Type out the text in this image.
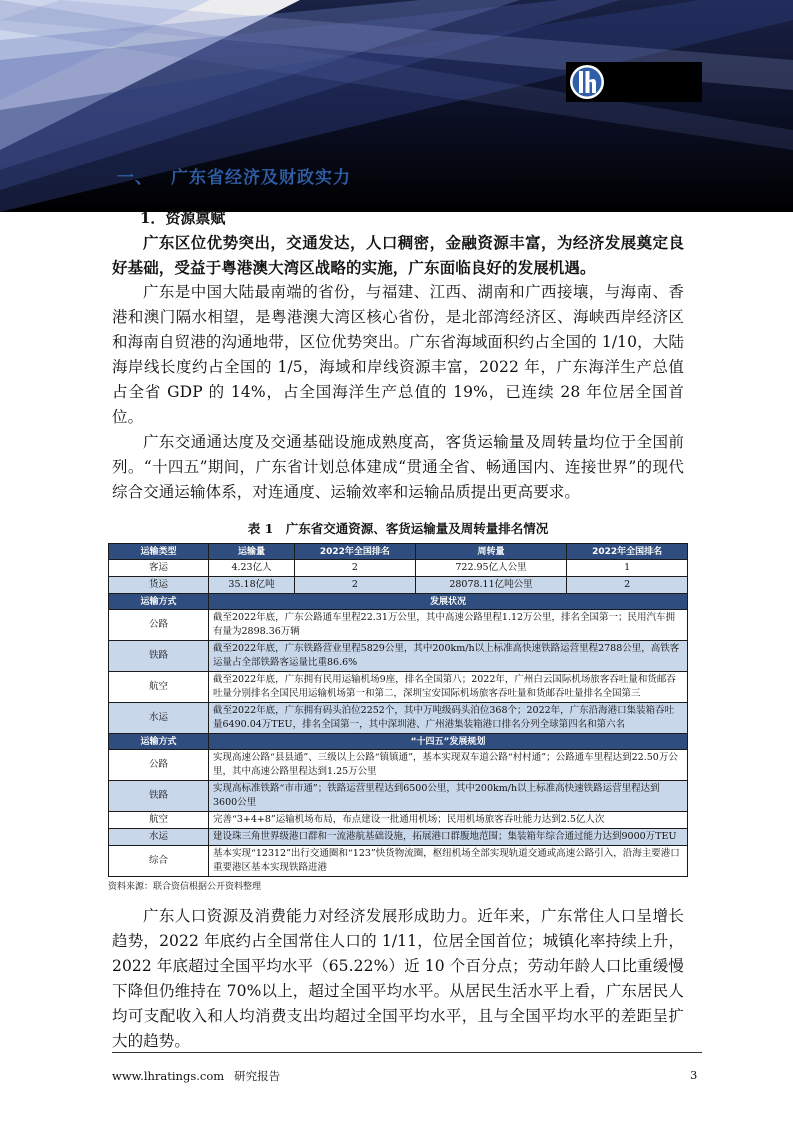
一、 广东省经济及财政实力
1．资源禀赋

广东区位优势突出，交通发达，人口稠密，金融资源丰富，为经济发展奠定良好基础，受益于粤港澳大湾区战略的实施，广东面临良好的发展机遇。

广东是中国大陆最南端的省份，与福建、江西、湖南和广西接壤，与海南、香港和澳门隔水相望，是粤港澳大湾区核心省份，是北部湾经济区、海峡西岸经济区和海南自贸港的沟通地带，区位优势突出。广东省海域面积约占全国的 1/10，大陆海岸线长度约占全国的 1/5，海域和岸线资源丰富，2022 年，广东海洋生产总值占全省 GDP 的 14%，占全国海洋生产总值的 19%，已连续 28 年位居全国首位。

广东交通通达度及交通基础设施成熟度高，客货运输量及周转量均位于全国前列。“十四五”期间，广东省计划总体建成“贯通全省、畅通国内、连接世界”的现代综合交通运输体系，对连通度、运输效率和运输品质提出更高要求。

表 1　广东省交通资源、客货运输量及周转量排名情况
运输类型	运输量	2022年全国排名	周转量	2022年全国排名
客运	4.23亿人	2	722.95亿人公里	1
货运	35.18亿吨	2	28078.11亿吨公里	2
运输方式	发展状况			
公路	截至2022年底，广东公路通车里程22.31万公里，其中高速公路里程1.12万公里，排名全国第一；民用汽车拥有量为2898.36万辆			
铁路	截至2022年底，广东铁路营业里程5829公里，其中200km/h以上标准高快速铁路运营里程2788公里，高铁客运量占全部铁路客运量比重86.6%			
航空	截至2022年底，广东拥有民用运输机场9座，排名全国第八；2022年，广州白云国际机场旅客吞吐量和货邮吞吐量分别排名全国民用运输机场第一和第二，深圳宝安国际机场旅客吞吐量和货邮吞吐量排名全国第三			
水运	截至2022年底，广东拥有码头泊位2252个，其中万吨级码头泊位368个；2022年，广东沿海港口集装箱吞吐量6490.04万TEU，排名全国第一，其中深圳港、广州港集装箱港口排名分列全球第四名和第六名			
运输方式	“十四五”发展规划			
公路	实现高速公路“县县通”、三级以上公路“镇镇通”，基本实现双车道公路“村村通”；公路通车里程达到22.50万公里，其中高速公路里程达到1.25万公里			
铁路	实现高标准铁路“市市通”；铁路运营里程达到6500公里，其中200km/h以上标准高快速铁路运营里程达到3600公里			
航空	完善“3+4+8”运输机场布局，布点建设一批通用机场；民用机场旅客吞吐能力达到2.5亿人次			
水运	建设珠三角世界级港口群和一流港航基础设施，拓展港口群腹地范围；集装箱年综合通过能力达到9000万TEU			
综合	基本实现“12312”出行交通圈和“123”快货物流圈，枢纽机场全部实现轨道交通或高速公路引入，沿海主要港口重要港区基本实现铁路进港			
资料来源：联合资信根据公开资料整理

广东人口资源及消费能力对经济发展形成助力。近年来，广东常住人口呈增长趋势，2022 年底约占全国常住人口的 1/11，位居全国首位；城镇化率持续上升，2022 年底超过全国平均水平（65.22%）近 10 个百分点；劳动年龄人口比重缓慢下降但仍维持在 70%以上，超过全国平均水平。从居民生活水平上看，广东居民人均可支配收入和人均消费支出均超过全国平均水平，且与全国平均水平的差距呈扩大的趋势。

www.lhratings.com 研究报告	3
